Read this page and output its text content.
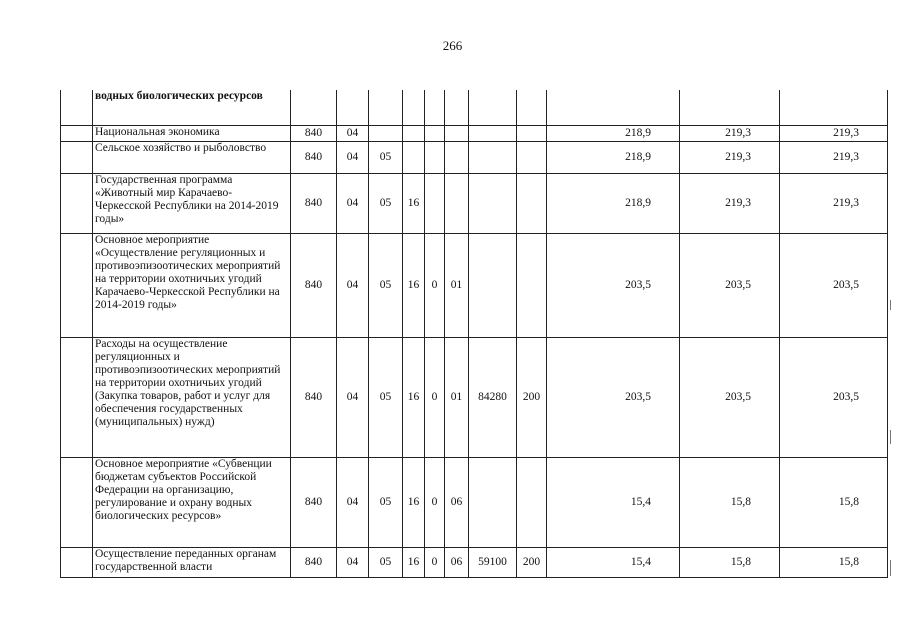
266
	водных биологических ресурсов											
	Национальная экономика	840	04							218,9	219,3	219,3
	Сельское хозяйство и рыболовство	840	04	05						218,9	219,3	219,3
	Государственная программа «Животный мир Карачаево-Черкесской Республики на 2014-2019 годы»	840	04	05	16					218,9	219,3	219,3
	Основное мероприятие «Осуществление регуляционных и противоэпизоотических мероприятий на территории охотничьих угодий Карачаево-Черкесской Республики на 2014-2019 годы»	840	04	05	16	0	01			203,5	203,5	203,5
	Расходы на осуществление регуляционных и противоэпизоотических мероприятий на территории охотничьих угодий (Закупка товаров, работ и услуг для обеспечения государственных (муниципальных) нужд)	840	04	05	16	0	01	84280	200	203,5	203,5	203,5
	Основное мероприятие «Субвенции бюджетам субъектов Российской Федерации на организацию, регулирование и охрану водных биологических ресурсов»	840	04	05	16	0	06			15,4	15,8	15,8
	Осуществление переданных органам государственной власти	840	04	05	16	0	06	59100	200	15,4	15,8	15,8
